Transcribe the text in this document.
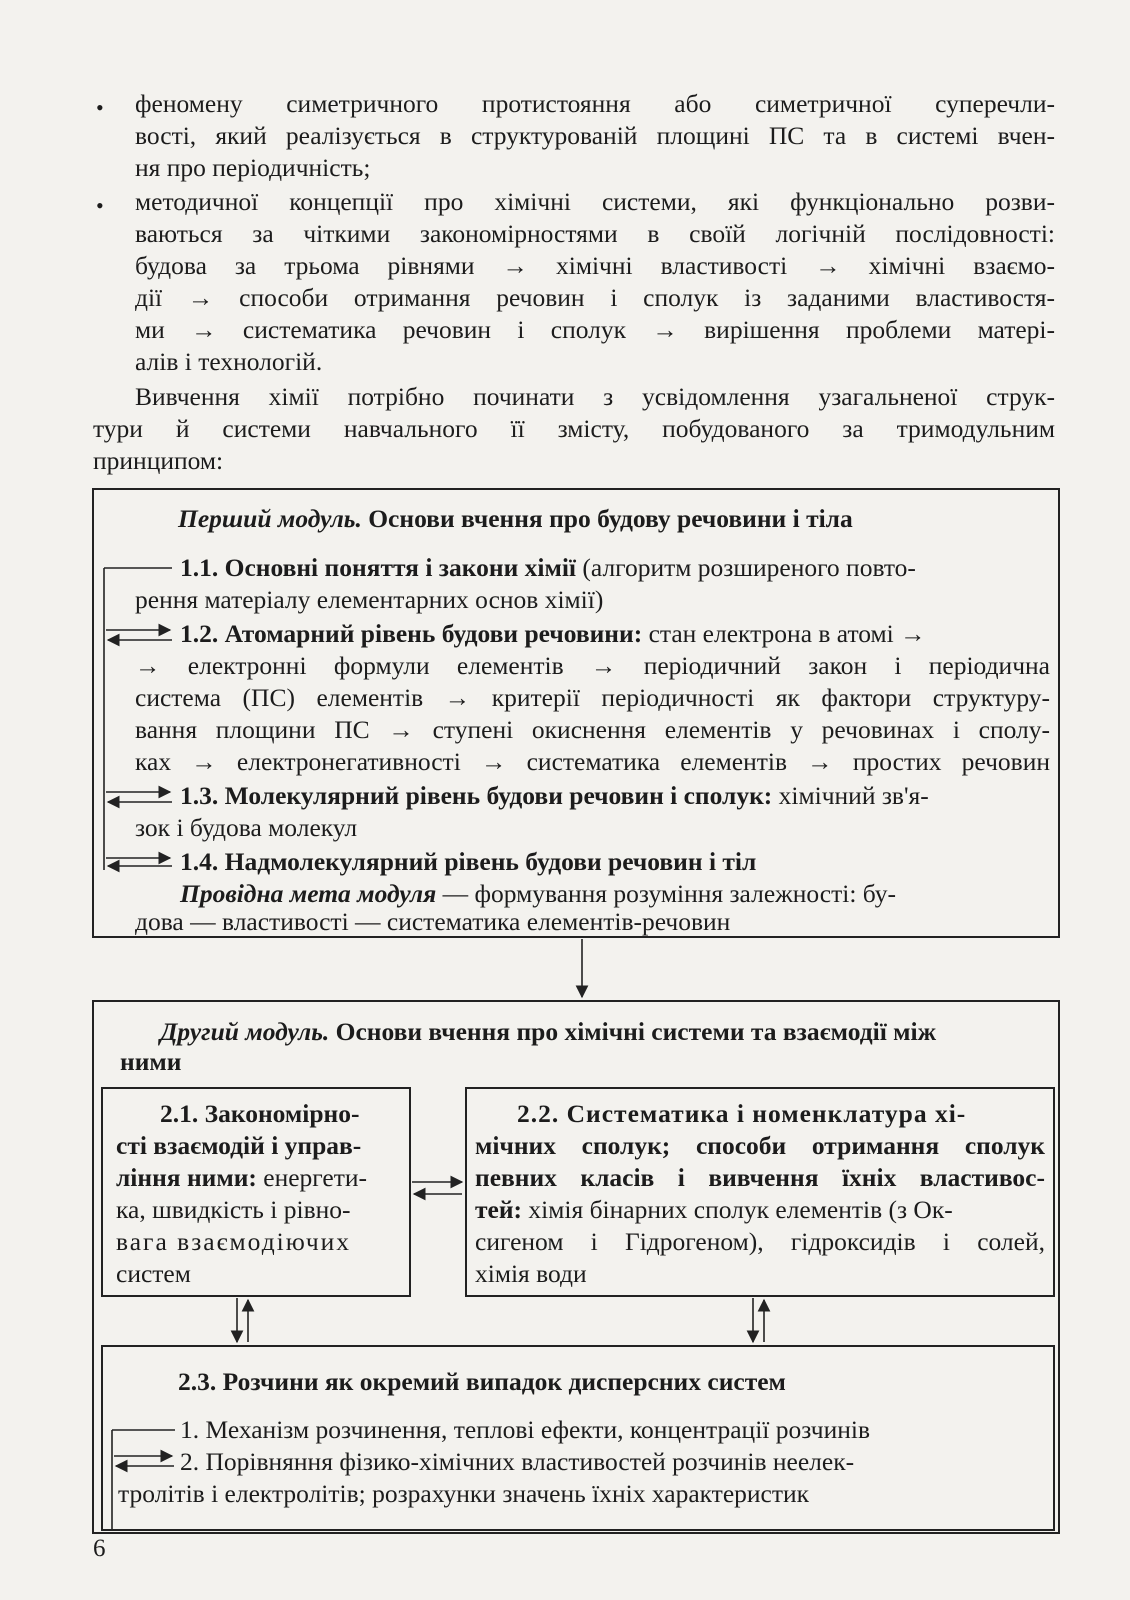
• феномену симетричного протистояння або симетричної суперечли-
вості, який реалізується в структурованій площині ПС та в системі вчен-
ня про періодичність;
• методичної концепції про хімічні системи, які функціонально розви-
ваються за чіткими закономірностями в своїй логічній послідовності:
будова за трьома рівнями → хімічні властивості → хімічні взаємо-
дії → способи отримання речовин і сполук із заданими властивостя-
ми → систематика речовин і сполук → вирішення проблеми матері-
алів і технологій.
Вивчення хімії потрібно починати з усвідомлення узагальненої струк-
тури й системи навчального її змісту, побудованого за тримодульним
принципом:
Перший модуль. Основи вчення про будову речовини і тіла
1.1. Основні поняття і закони хімії (алгоритм розширеного повто-
рення матеріалу елементарних основ хімії)
1.2. Атомарний рівень будови речовини: стан електрона в атомі →
→ електронні формули елементів → періодичний закон і періодична
система (ПС) елементів → критерії періодичності як фактори структуру-
вання площини ПС → ступені окиснення елементів у речовинах і сполу-
ках → електронегативності → систематика елементів → простих речовин
1.3. Молекулярний рівень будови речовин і сполук: хімічний зв'я-
зок і будова молекул
1.4. Надмолекулярний рівень будови речовин і тіл
Провідна мета модуля — формування розуміння залежності: бу-
дова — властивості — систематика елементів-речовин
Другий модуль. Основи вчення про хімічні системи та взаємодії між
ними
2.1. Закономірно-
сті взаємодій і управ-
ління ними: енергети-
ка, швидкість і рівно-
вага взаємодіючих
систем
2.2. Систематика і номенклатура хі-
мічних сполук; способи отримання сполук
певних класів і вивчення їхніх властивос-
тей: хімія бінарних сполук елементів (з Ок-
сигеном і Гідрогеном), гідроксидів і солей,
хімія води
2.3. Розчини як окремий випадок дисперсних систем
1. Механізм розчинення, теплові ефекти, концентрації розчинів
2. Порівняння фізико-хімічних властивостей розчинів неелек-
тролітів і електролітів; розрахунки значень їхніх характеристик
6
